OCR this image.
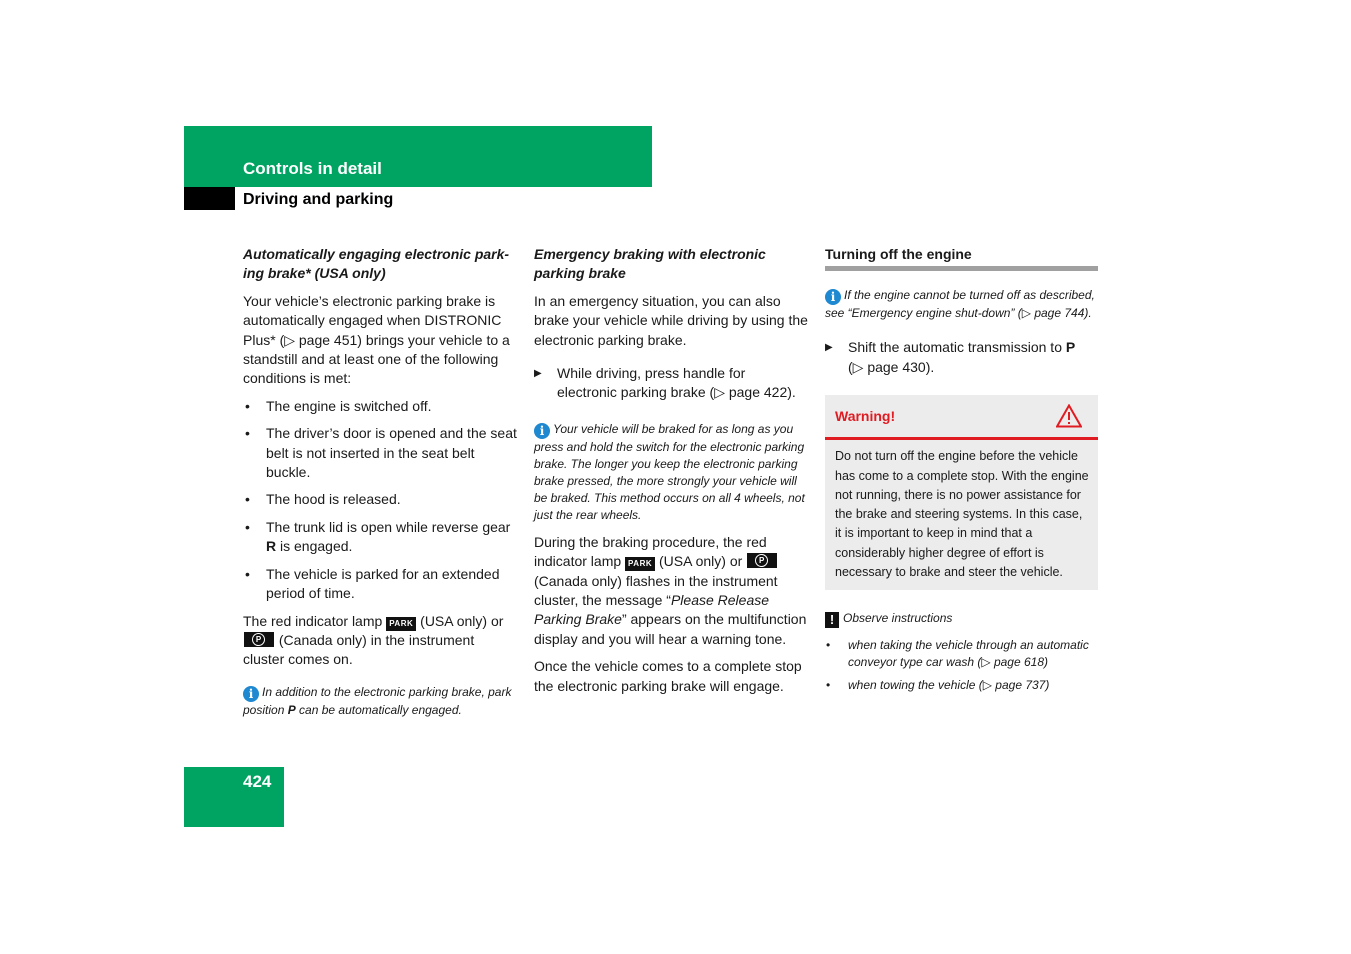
Controls in detail
Driving and parking
Automatically engaging electronic park-
ing brake* (USA only)

Your vehicle’s electronic parking brake is automatically engaged when DISTRONIC Plus* (▷ page 451) brings your vehicle to a standstill and at least one of the following conditions is met:

• The engine is switched off.
• The driver’s door is opened and the seat belt is not inserted in the seat belt buckle.
• The hood is released.
• The trunk lid is open while reverse gear R is engaged.
• The vehicle is parked for an extended period of time.

The red indicator lamp PARK (USA only) or

P (Canada only) in the instrument cluster comes on.

i In addition to the electronic parking brake, park position P can be automatically engaged.

Emergency braking with electronic
parking brake

In an emergency situation, you can also brake your vehicle while driving by using the electronic parking brake.

▶ While driving, press handle for electronic parking brake (▷ page 422).

i Your vehicle will be braked for as long as you press and hold the switch for the electronic parking brake. The longer you keep the electronic parking brake pressed, the more strongly your vehicle will be braked. This method occurs on all 4 wheels, not just the rear wheels.

During the braking procedure, the red indicator lamp PARK (USA only) or	P
(Canada only) flashes in the instrument cluster, the message “Please Release Parking Brake” appears on the multifunction display and you will hear a warning tone.

Once the vehicle comes to a complete stop the electronic parking brake will engage.

Turning off the engine

i If the engine cannot be turned off as described, see “Emergency engine shut-down” (▷ page 744).

▶ Shift the automatic transmission to P
(▷ page 430).
Warning!
Do not turn off the engine before the vehicle has come to a complete stop. With the engine not running, there is no power assistance for the brake and steering systems. In this case, it is important to keep in mind that a considerably higher degree of effort is necessary to brake and steer the vehicle.

! Observe instructions

• when taking the vehicle through an automatic conveyor type car wash (▷ page 618)
• when towing the vehicle (▷ page 737)
424
